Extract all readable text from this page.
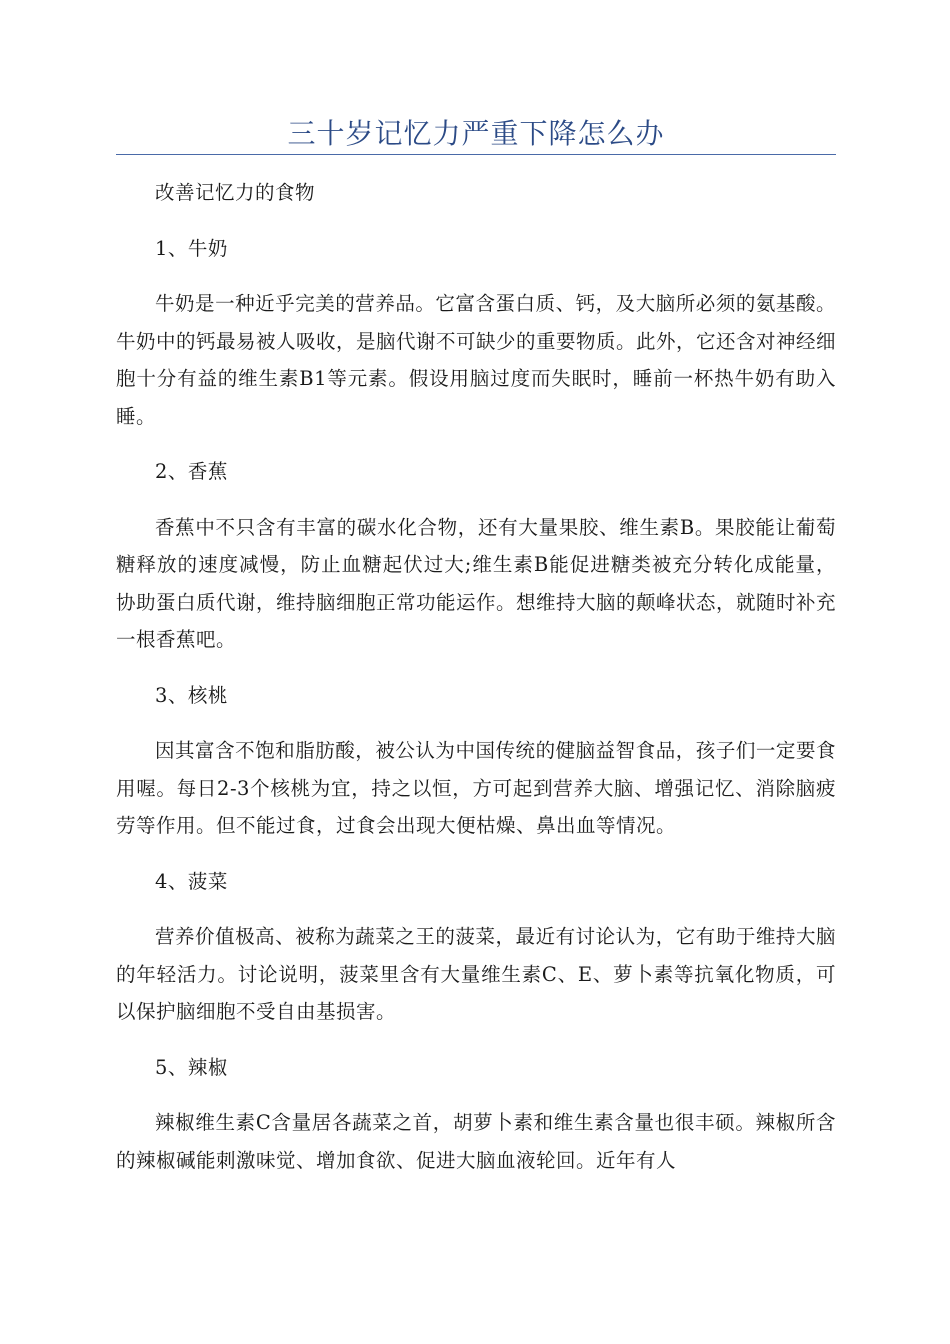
三十岁记忆力严重下降怎么办

改善记忆力的食物

1、牛奶

牛奶是一种近乎完美的营养品。它富含蛋白质、钙，及大脑所必须的氨基酸。牛奶中的钙最易被人吸收，是脑代谢不可缺少的重要物质。此外，它还含对神经细胞十分有益的维生素B1等元素。假设用脑过度而失眠时，睡前一杯热牛奶有助入睡。

2、香蕉

香蕉中不只含有丰富的碳水化合物，还有大量果胶、维生素B。果胶能让葡萄糖释放的速度减慢，防止血糖起伏过大;维生素B能促进糖类被充分转化成能量，协助蛋白质代谢，维持脑细胞正常功能运作。想维持大脑的颠峰状态，就随时补充一根香蕉吧。

3、核桃

因其富含不饱和脂肪酸，被公认为中国传统的健脑益智食品，孩子们一定要食用喔。每日2-3个核桃为宜，持之以恒，方可起到营养大脑、增强记忆、消除脑疲劳等作用。但不能过食，过食会出现大便枯燥、鼻出血等情况。

4、菠菜

营养价值极高、被称为蔬菜之王的菠菜，最近有讨论认为，它有助于维持大脑的年轻活力。讨论说明，菠菜里含有大量维生素C、E、萝卜素等抗氧化物质，可以保护脑细胞不受自由基损害。

5、辣椒

辣椒维生素C含量居各蔬菜之首，胡萝卜素和维生素含量也很丰硕。辣椒所含的辣椒碱能刺激味觉、增加食欲、促进大脑血液轮回。近年有人
